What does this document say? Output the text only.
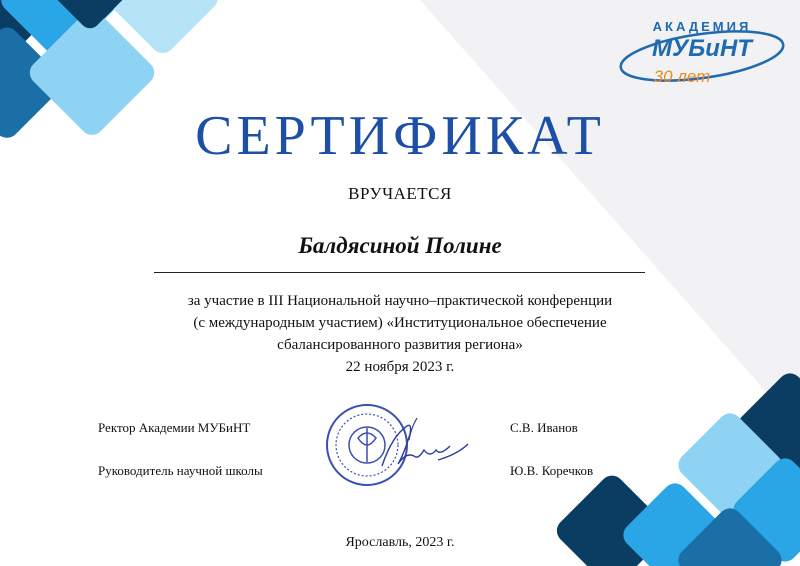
АКАДЕМИЯ
МУБиНТ
30 лет
СЕРТИФИКАТ
ВРУЧАЕТСЯ
Балдясиной Полине
за участие в III Национальной научно–практической конференции
(с международным участием) «Институциональное обеспечение
сбалансированного развития региона»
22 ноября 2023 г.
Ректор Академии МУБиНТ	С.В. Иванов
Руководитель научной школы	Ю.В. Коречков
Ярославль, 2023 г.
